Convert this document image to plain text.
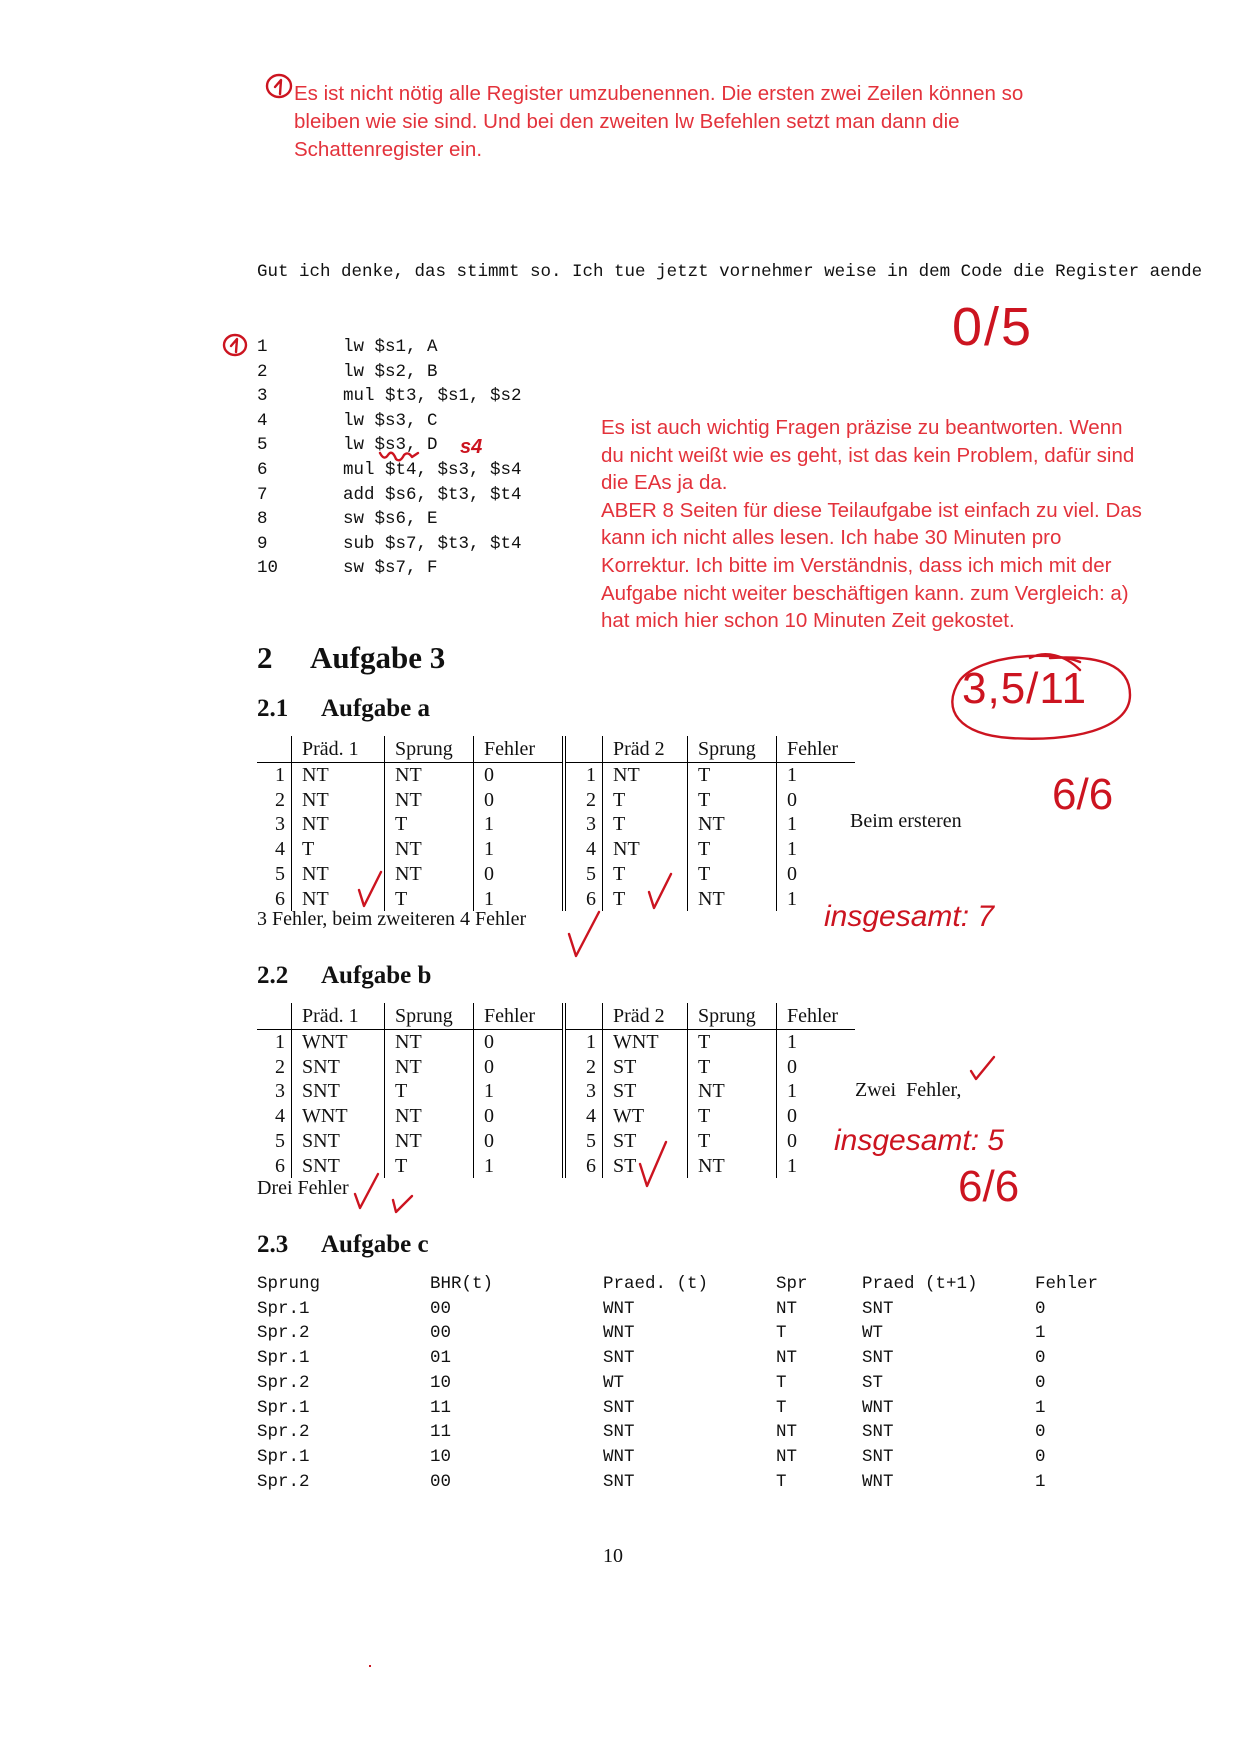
Es ist nicht nötig alle Register umzubenennen. Die ersten zwei Zeilen können so
bleiben wie sie sind. Und bei den zweiten lw Befehlen setzt man dann die
Schattenregister ein.
Gut ich denke, das stimmt so. Ich tue jetzt vornehmer weise in dem Code die Register aende
0/5
1	lw $s1, A
2	lw $s2, B
3	mul $t3, $s1, $s2
4	lw $s3, C
5	lw $s3, D
6	mul $t4, $s3, $s4
7	add $s6, $t3, $t4
8	sw $s6, E
9	sub $s7, $t3, $t4
10	sw $s7, F
s4
Es ist auch wichtig Fragen präzise zu beantworten. Wenn
du nicht weißt wie es geht, ist das kein Problem, dafür sind
die EAs ja da.
ABER 8 Seiten für diese Teilaufgabe ist einfach zu viel. Das
kann ich nicht alles lesen. Ich habe 30 Minuten pro
Korrektur. Ich bitte im Verständnis, dass ich mich mit der
Aufgabe nicht weiter beschäftigen kann. zum Vergleich: a)
hat mich hier schon 10 Minuten Zeit gekostet.
2 Aufgabe 3
3,5/11
2.1 Aufgabe a
	Präd. 1	Sprung	Fehler		Präd 2	Sprung	Fehler
1	NT	NT	0	1	NT	T	1
2	NT	NT	0	2	T	T	0
3	NT	T	1	3	T	NT	1
4	T	NT	1	4	NT	T	1
5	NT	NT	0	5	T	T	0
6	NT	T	1	6	T	NT	1
Beim ersteren
3 Fehler, beim zweiteren 4 Fehler
6/6
insgesamt: 7
2.2 Aufgabe b
	Präd. 1	Sprung	Fehler		Präd 2	Sprung	Fehler
1	WNT	NT	0	1	WNT	T	1
2	SNT	NT	0	2	ST	T	0
3	SNT	T	1	3	ST	NT	1
4	WNT	NT	0	4	WT	T	0
5	SNT	NT	0	5	ST	T	0
6	SNT	T	1	6	ST	NT	1
Zwei  Fehler,
Drei Fehler
insgesamt: 5
6/6
2.3 Aufgabe c
Sprung	BHR(t)	Praed. (t)	Spr	Praed (t+1)	Fehler
Spr.1	00	WNT	NT	SNT	0
Spr.2	00	WNT	T	WT	1
Spr.1	01	SNT	NT	SNT	0
Spr.2	10	WT	T	ST	0
Spr.1	11	SNT	T	WNT	1
Spr.2	11	SNT	NT	SNT	0
Spr.1	10	WNT	NT	SNT	0
Spr.2	00	SNT	T	WNT	1
10
